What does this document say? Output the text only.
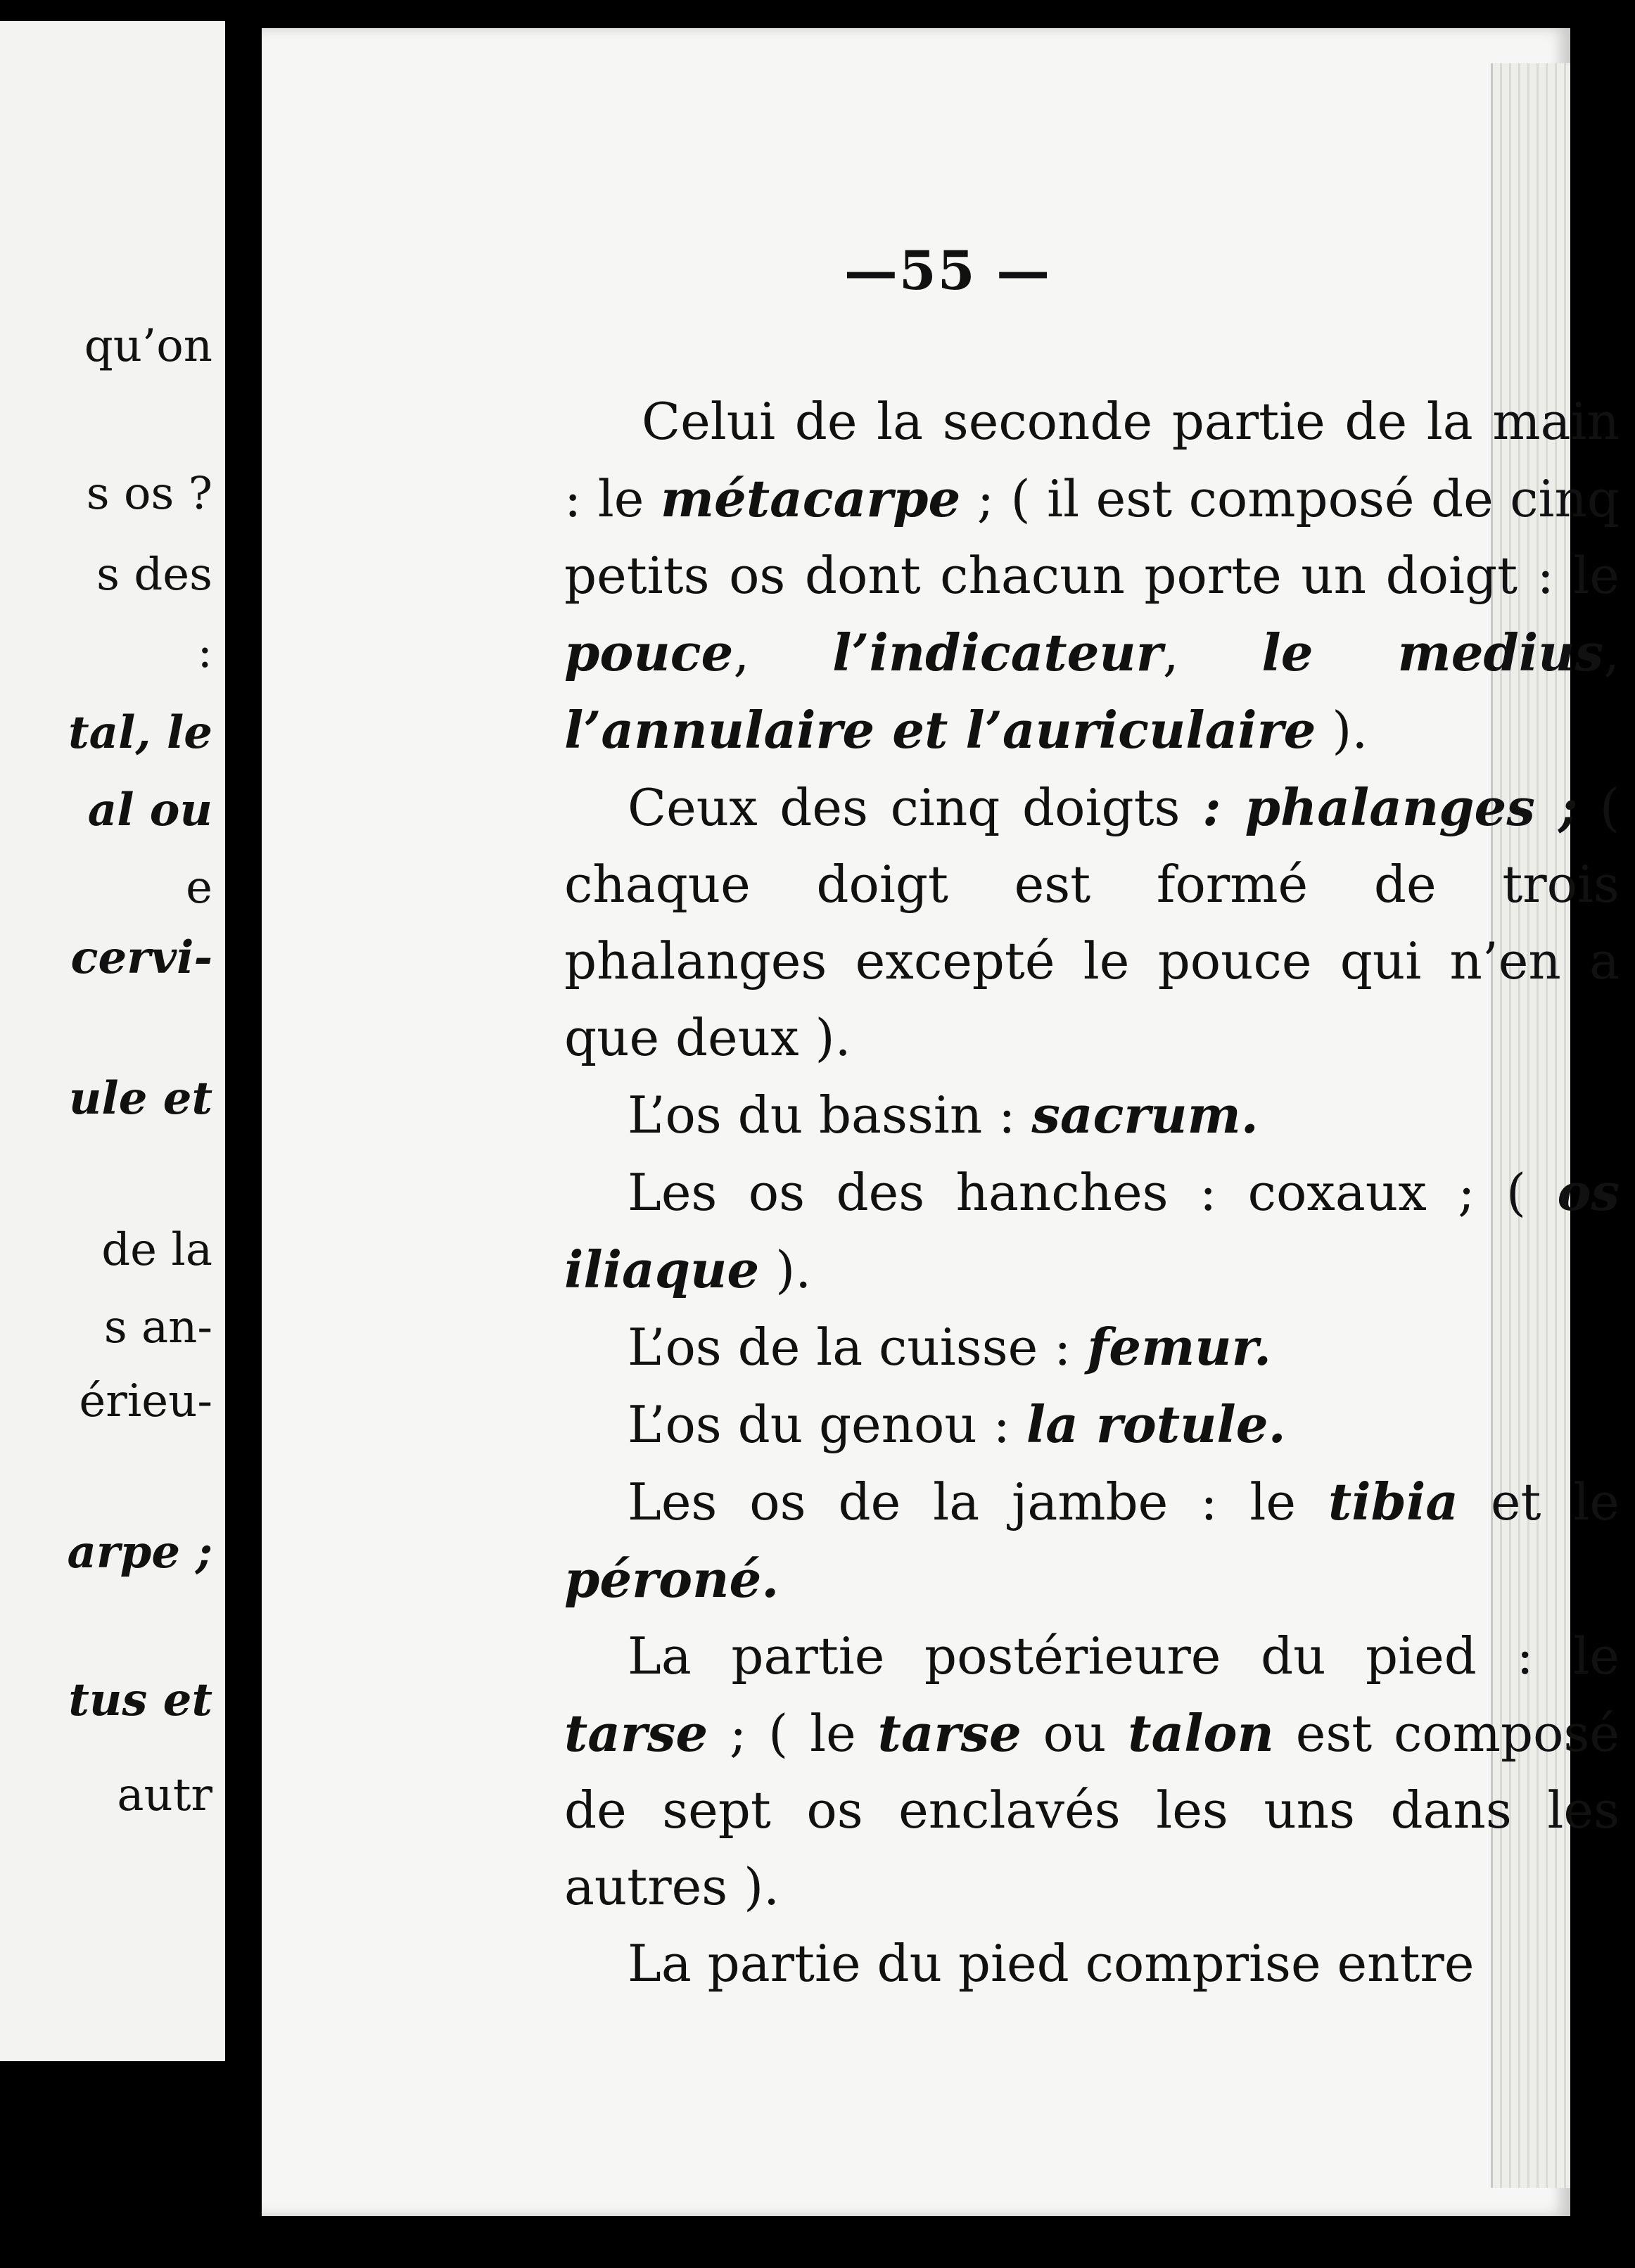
qu’on
s os ?
s des
:
tal, le
al ou
e
cervi-
ule et
de la
s an-
érieu-
arpe ;
tus et
autr
—55 —

Celui de la seconde partie de la main : le métacarpe ; ( il est composé de cinq petits os dont chacun porte un doigt : le pouce, l’indicateur, le medius, l’annulaire et l’auriculaire ).

Ceux des cinq doigts : phalanges ; ( chaque doigt est formé de trois phalanges excepté le pouce qui n’en a que deux ).

L’os du bassin : sacrum.

Les os des hanches : coxaux ; ( os iliaque ).

L’os de la cuisse : femur.

L’os du genou : la rotule.

Les os de la jambe : le tibia et le péroné.

La partie postérieure du pied : le tarse ; ( le tarse ou talon est composé de sept os enclavés les uns dans les autres ).

La partie du pied comprise entre
